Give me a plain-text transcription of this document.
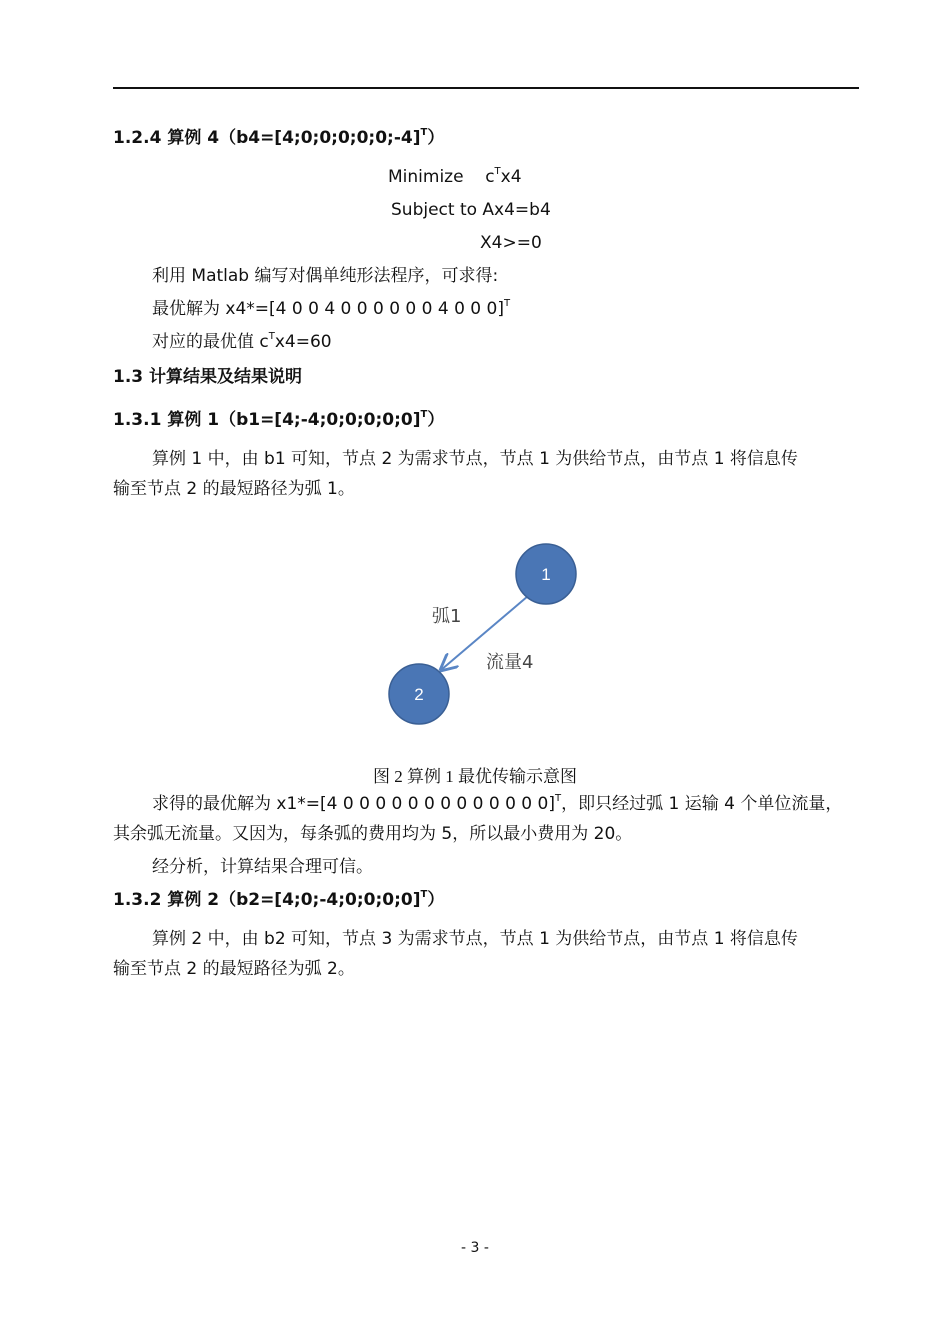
1.2.4 算例 4（b4=[4;0;0;0;0;0;-4]$^T$）
Minimize $c^Tx4$
Subject to Ax4=b4
X4>=0
利用 Matlab 编写对偶单纯形法程序，可求得:
最优解为 x4*=[4 0 0 4 0 0 0 0 0 0 4 0 0 0]$^T$
对应的最优值 $c^Tx4=60$
1.3 计算结果及结果说明
1.3.1 算例 1（b1=[4;-4;0;0;0;0;0]$^T$）
算例 1 中，由 b1 可知，节点 2 为需求节点，节点 1 为供给节点，由节点 1 将信息传
输至节点 2 的最短路径为弧 1。
1
2
弧1
流量4
图 2 算例 1 最优传输示意图
求得的最优解为 x1*=[4 0 0 0 0 0 0 0 0 0 0 0 0 0]$^T$，即只经过弧 1 运输 4 个单位流量，
其余弧无流量。又因为，每条弧的费用均为 5，所以最小费用为 20。
经分析，计算结果合理可信。
1.3.2 算例 2（b2=[4;0;-4;0;0;0;0]$^T$）
算例 2 中，由 b2 可知，节点 3 为需求节点，节点 1 为供给节点，由节点 1 将信息传
输至节点 2 的最短路径为弧 2。
- 3 -
